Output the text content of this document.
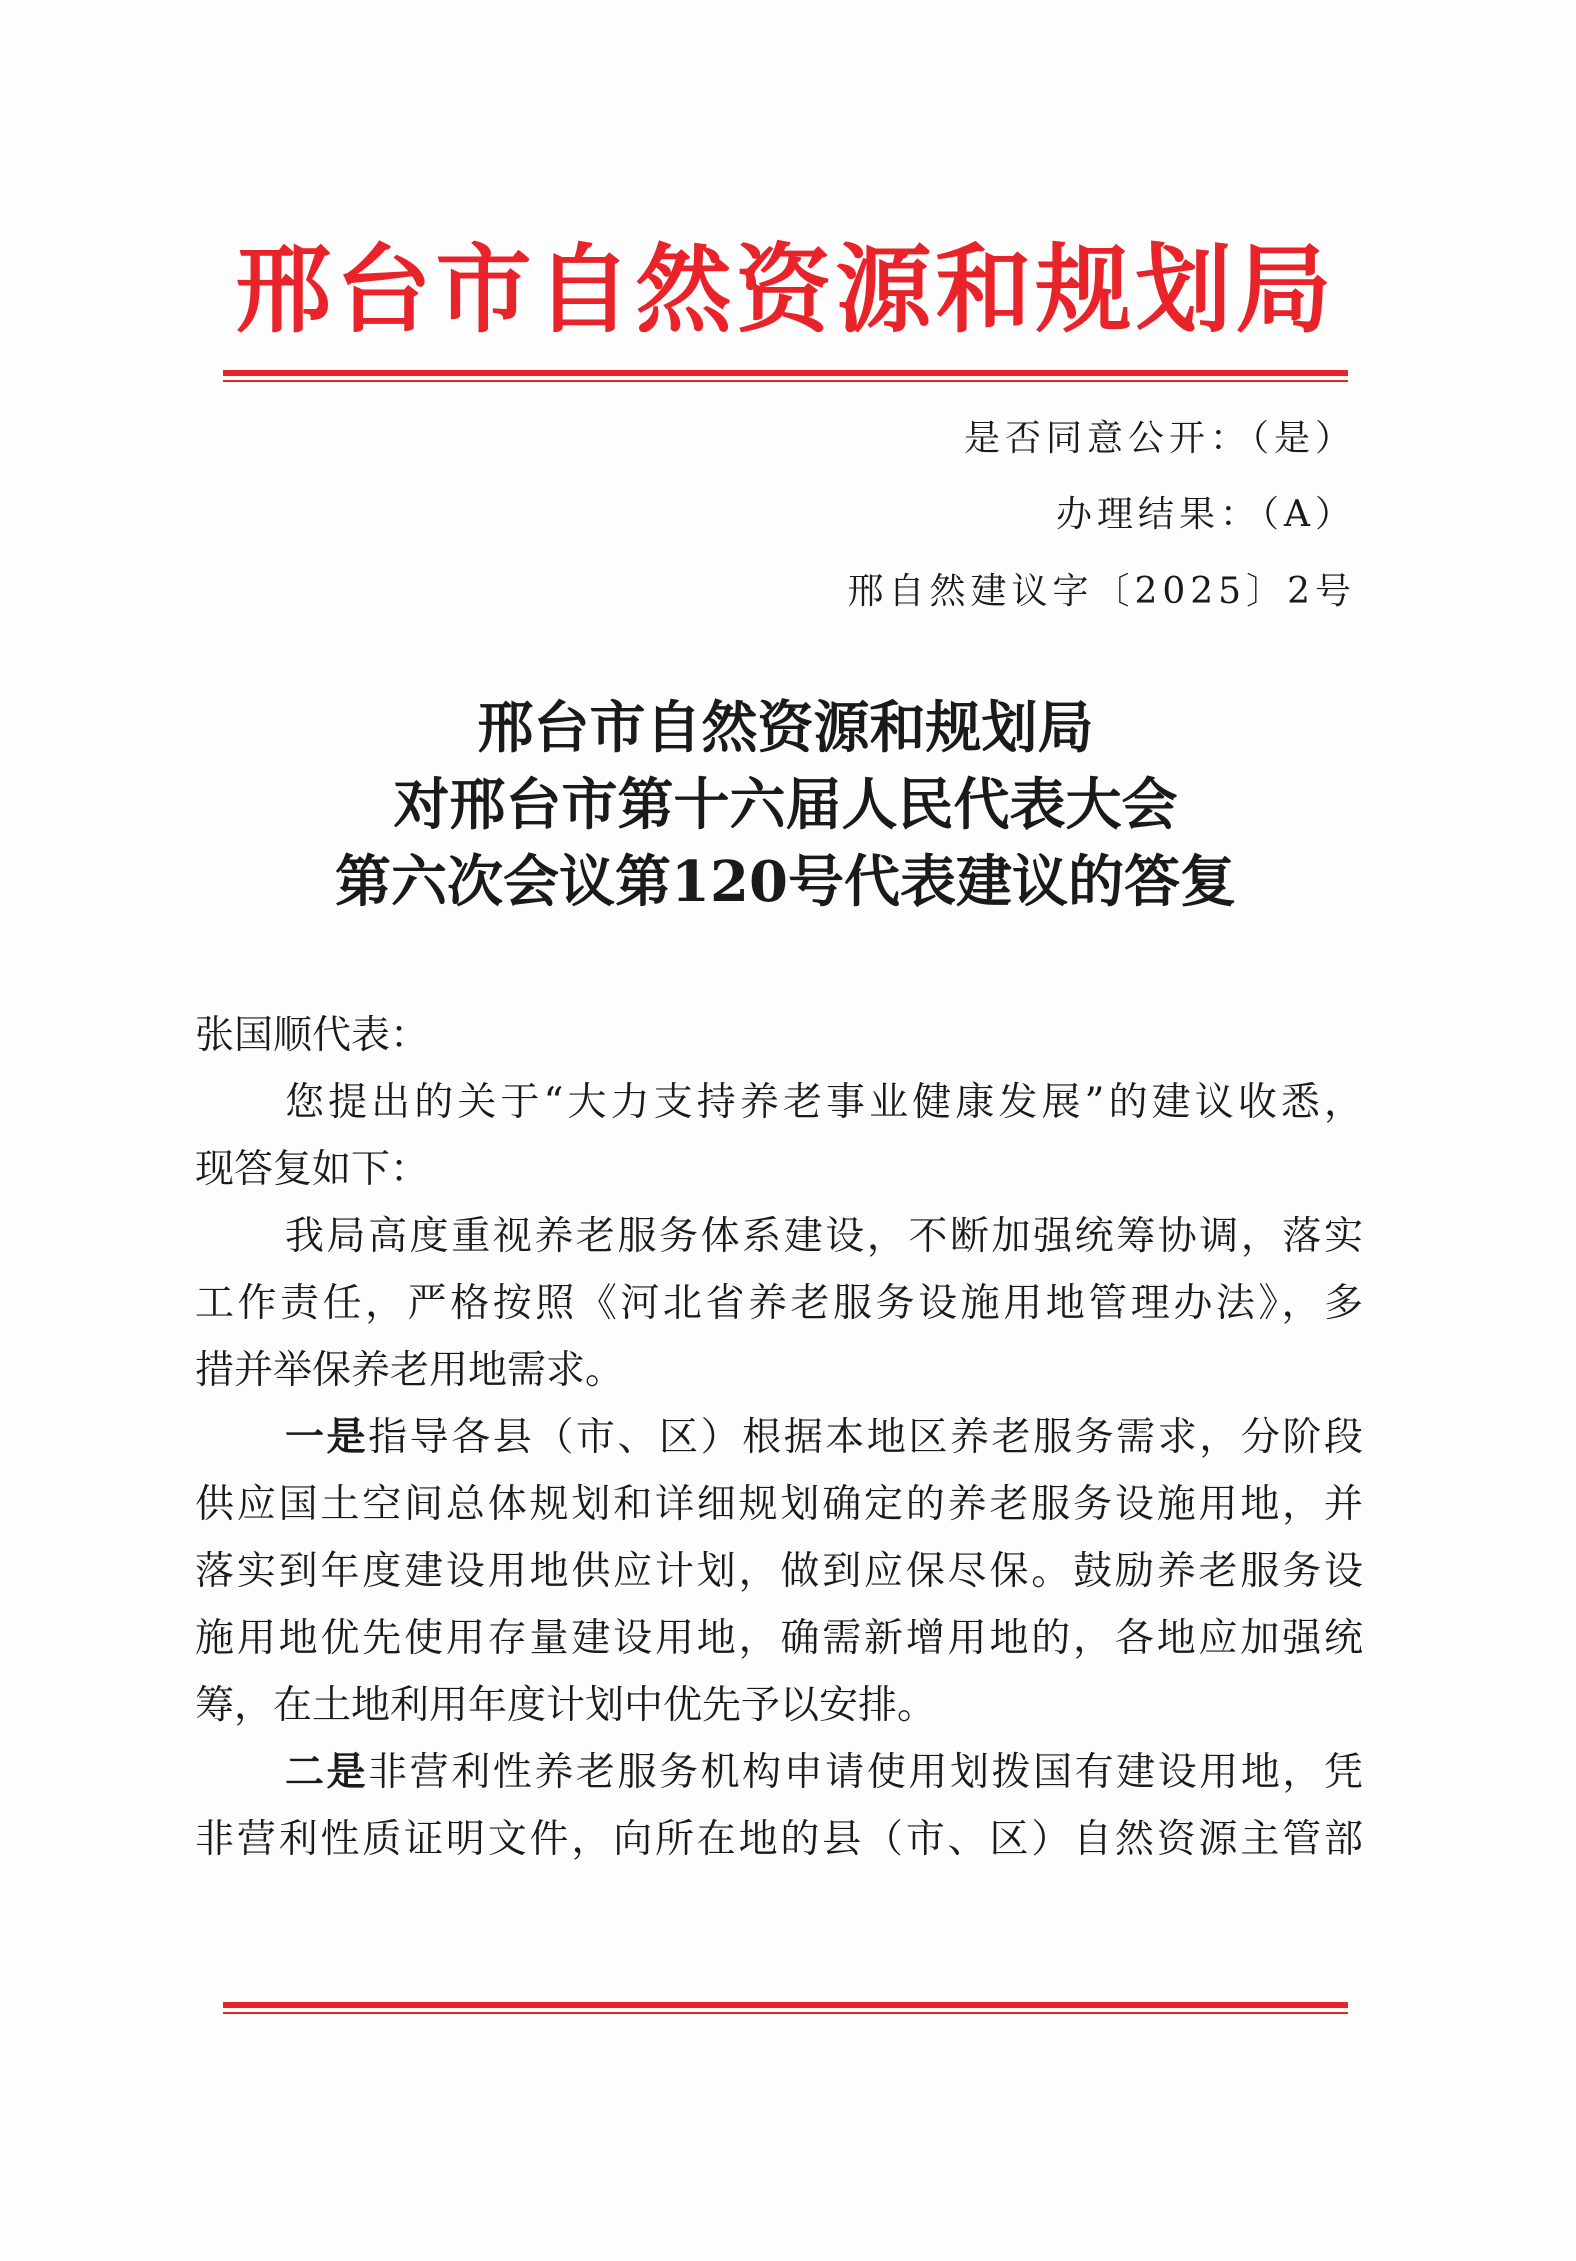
邢台市自然资源和规划局
是否同意公开：（是）
办理结果：（A）
邢自然建议字〔2025〕2号
邢台市自然资源和规划局
对邢台市第十六届人民代表大会
第六次会议第120号代表建议的答复
张国顺代表：
您提出的关于“大力支持养老事业健康发展”的建议收悉，
现答复如下：
我局高度重视养老服务体系建设，不断加强统筹协调，落实
工作责任，严格按照《河北省养老服务设施用地管理办法》，多
措并举保养老用地需求。
一是指导各县（市、区）根据本地区养老服务需求，分阶段
供应国土空间总体规划和详细规划确定的养老服务设施用地，并
落实到年度建设用地供应计划，做到应保尽保。鼓励养老服务设
施用地优先使用存量建设用地，确需新增用地的，各地应加强统
筹，在土地利用年度计划中优先予以安排。
二是非营利性养老服务机构申请使用划拨国有建设用地，凭
非营利性质证明文件，向所在地的县（市、区）自然资源主管部
